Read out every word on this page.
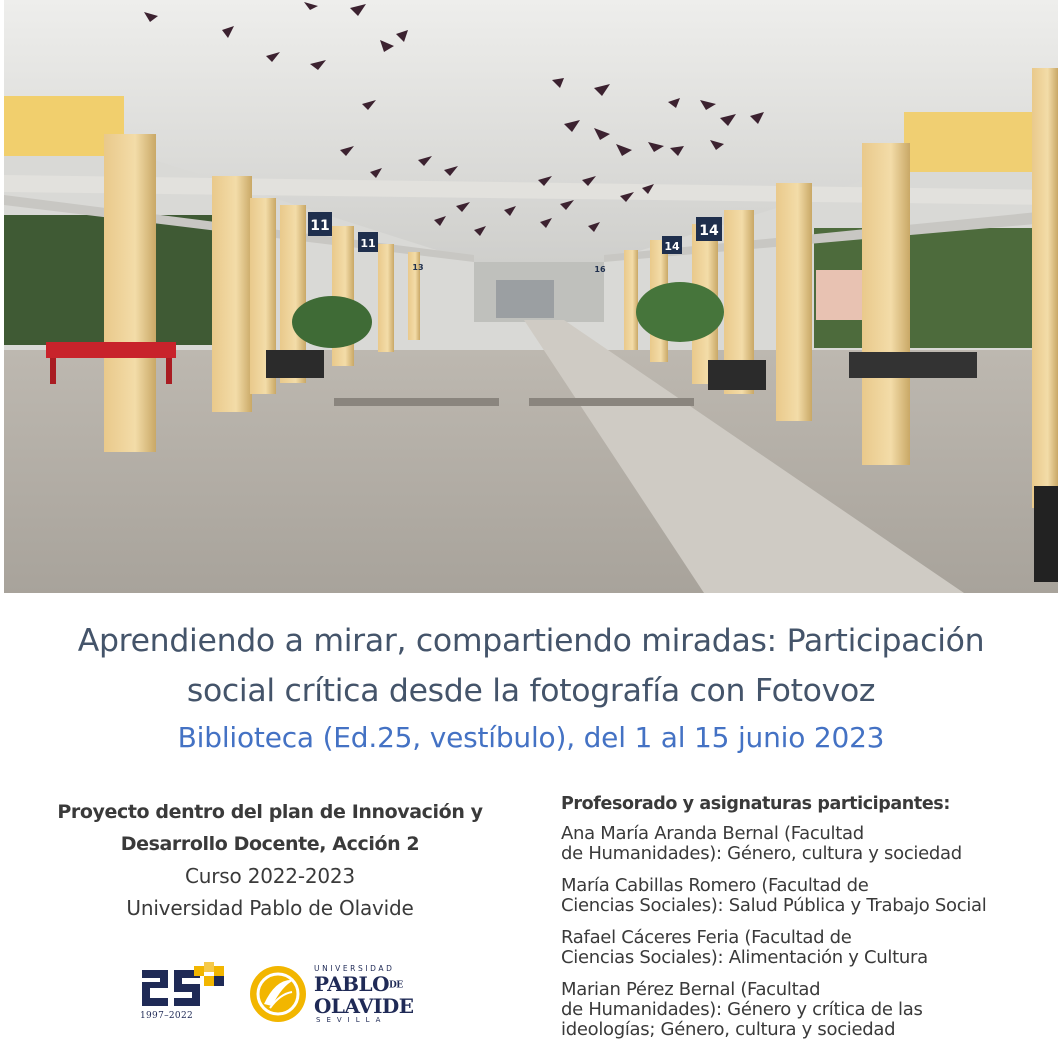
11
11
13
14
14
16
Aprendiendo a mirar, compartiendo miradas: Participación
social crítica desde la fotografía con Fotovoz
Biblioteca (Ed.25, vestíbulo), del 1 al 15 junio 2023
Proyecto dentro del plan de Innovación y
Desarrollo Docente, Acción 2
Curso 2022-2023
Universidad Pablo de Olavide
1997–2022
UNIVERSIDAD
PABLODE
OLAVIDE
SEVILLA
Profesorado y asignaturas participantes:
Ana María Aranda Bernal (Facultad
de Humanidades): Género, cultura y sociedad
María Cabillas Romero (Facultad de
Ciencias Sociales): Salud Pública y Trabajo Social
Rafael Cáceres Feria (Facultad de
Ciencias Sociales): Alimentación y Cultura
Marian Pérez Bernal (Facultad
de Humanidades): Género y crítica de las
ideologías; Género, cultura y sociedad
